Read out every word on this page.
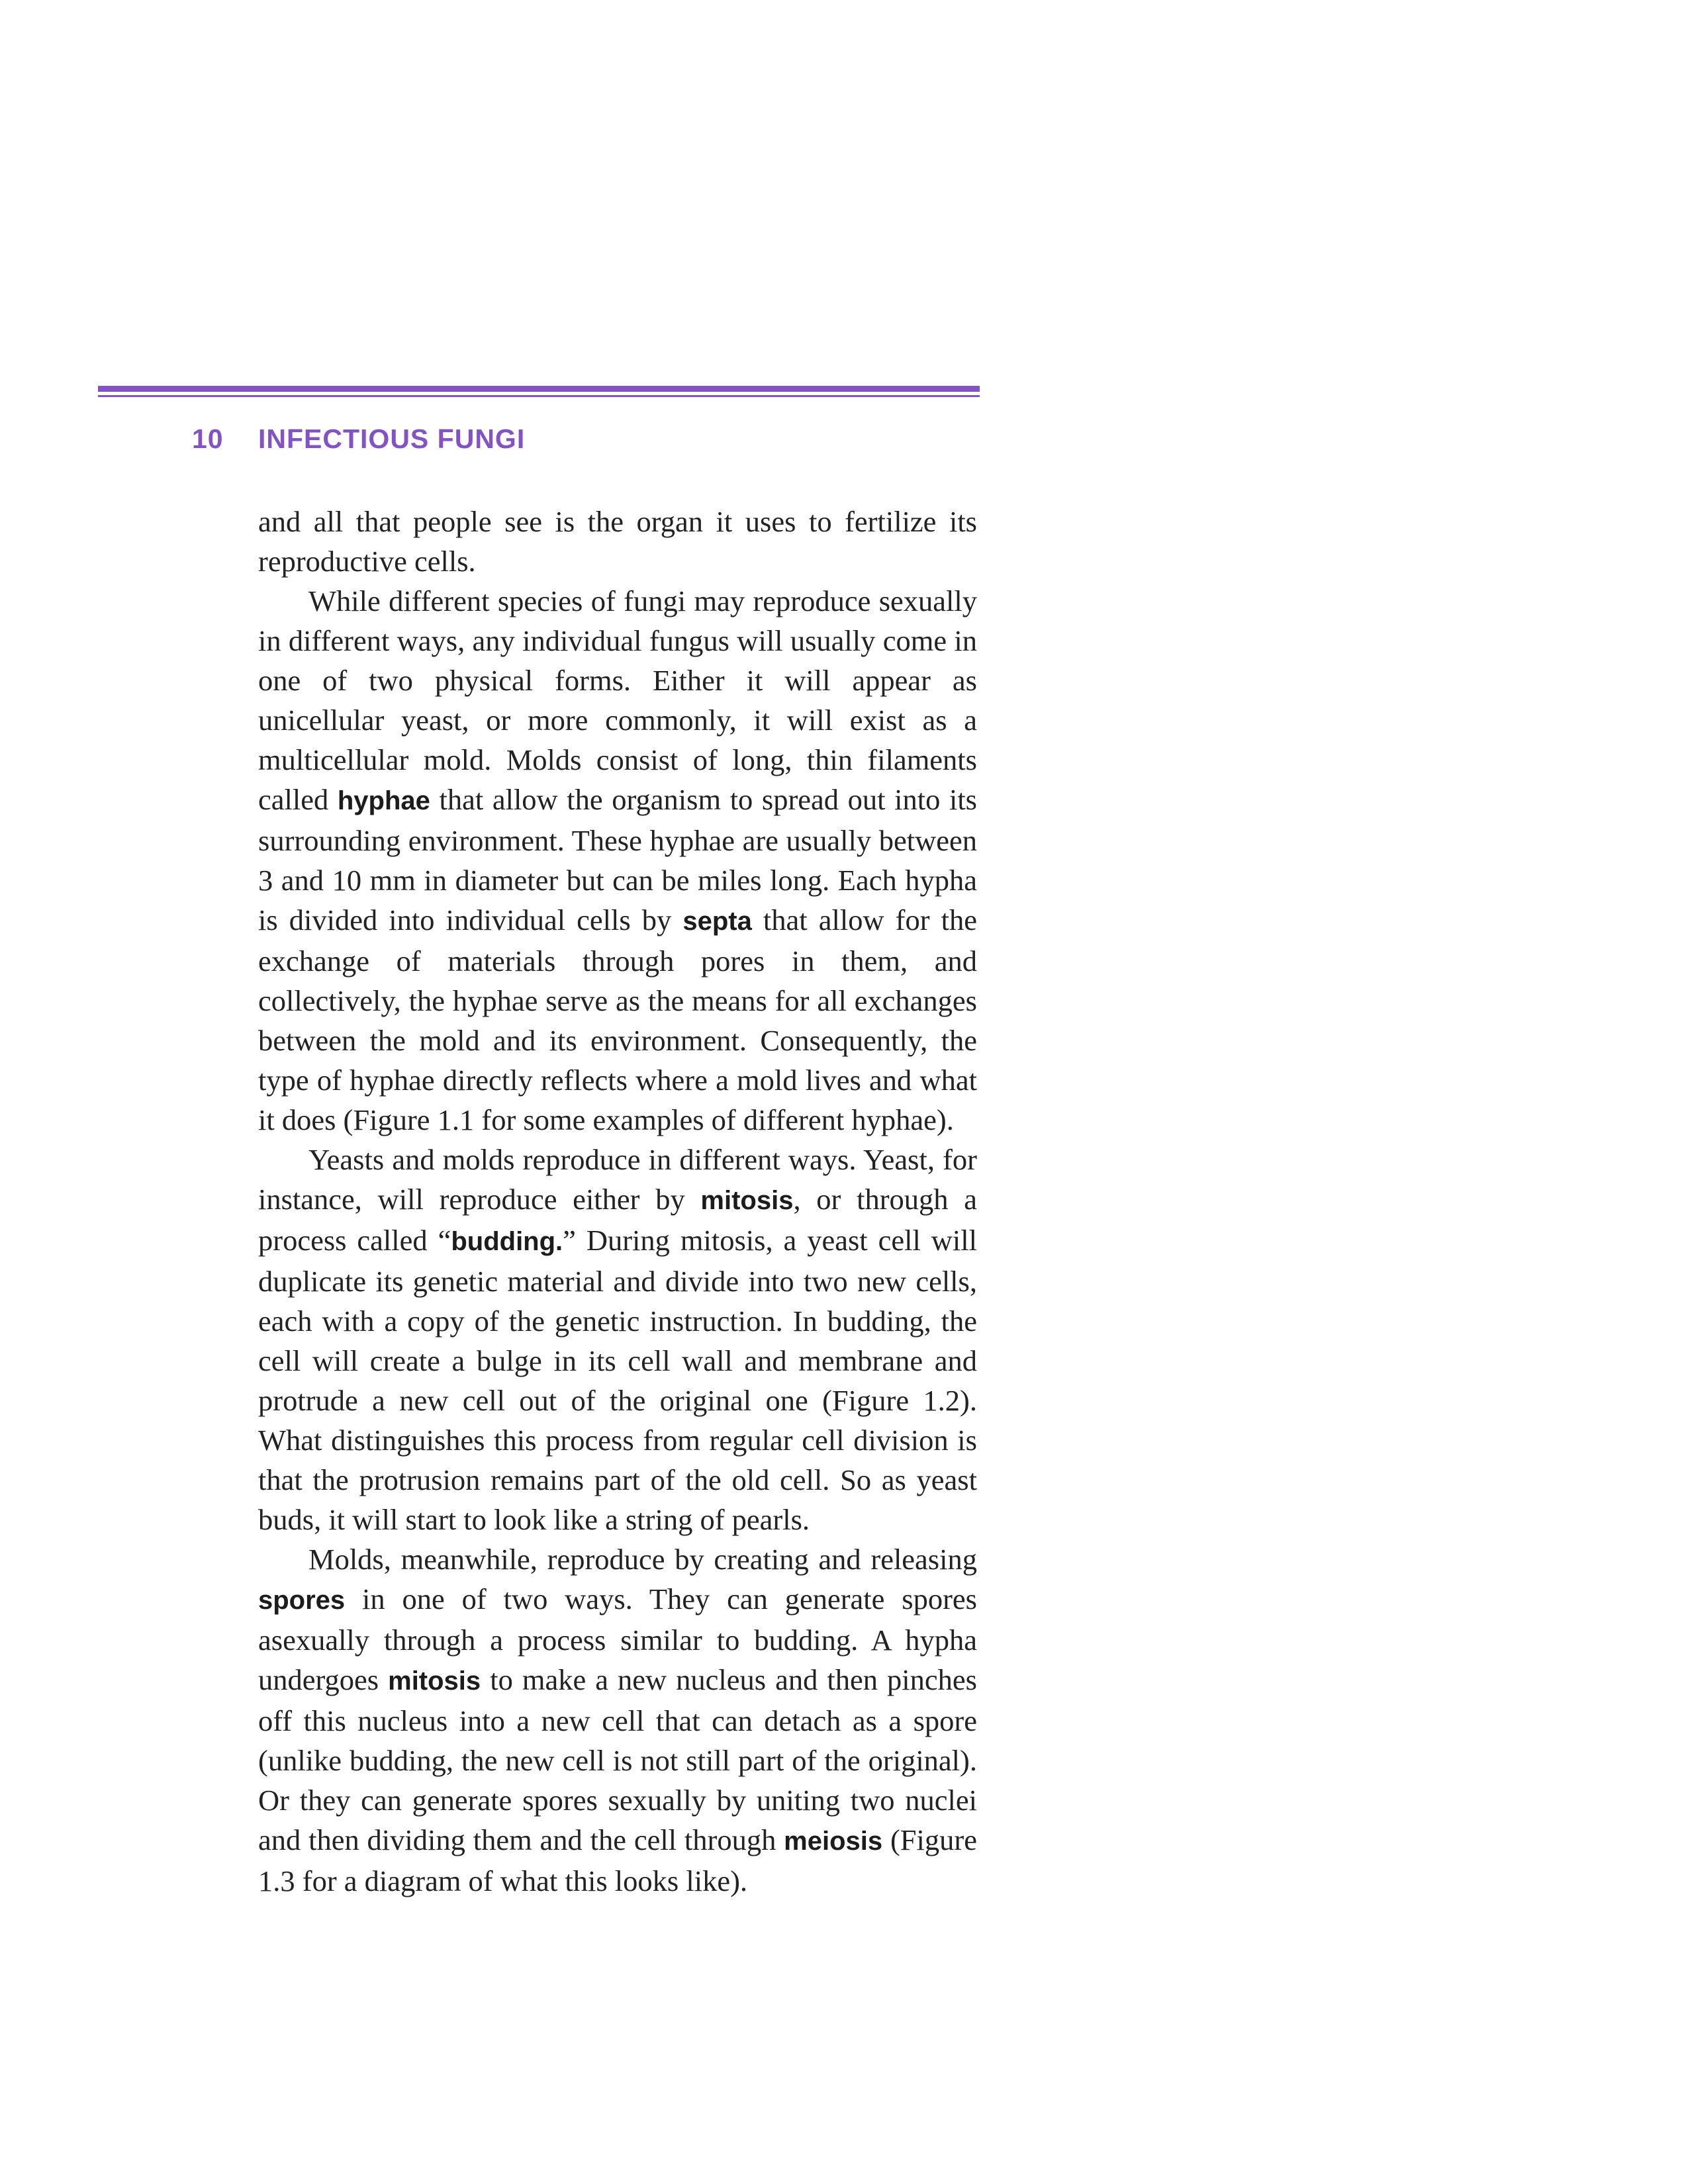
10	INFECTIOUS FUNGI

and all that people see is the organ it uses to fertilize its reproductive cells.

While different species of fungi may reproduce sexually in different ways, any individual fungus will usually come in one of two physical forms. Either it will appear as unicellular yeast, or more commonly, it will exist as a multicellular mold. Molds consist of long, thin filaments called hyphae that allow the organism to spread out into its surrounding environment. These hyphae are usually between 3 and 10 mm in diameter but can be miles long. Each hypha is divided into individual cells by septa that allow for the exchange of materials through pores in them, and collectively, the hyphae serve as the means for all exchanges between the mold and its environment. Consequently, the type of hyphae directly reflects where a mold lives and what it does (Figure 1.1 for some examples of different hyphae).

Yeasts and molds reproduce in different ways. Yeast, for instance, will reproduce either by mitosis, or through a process called “budding.” During mitosis, a yeast cell will duplicate its genetic material and divide into two new cells, each with a copy of the genetic instruction. In budding, the cell will create a bulge in its cell wall and membrane and protrude a new cell out of the original one (Figure 1.2). What distinguishes this process from regular cell division is that the protrusion remains part of the old cell. So as yeast buds, it will start to look like a string of pearls.

Molds, meanwhile, reproduce by creating and releasing spores in one of two ways. They can generate spores asexually through a process similar to budding. A hypha undergoes mitosis to make a new nucleus and then pinches off this nucleus into a new cell that can detach as a spore (unlike budding, the new cell is not still part of the original). Or they can generate spores sexually by uniting two nuclei and then dividing them and the cell through meiosis (Figure 1.3 for a diagram of what this looks like).
